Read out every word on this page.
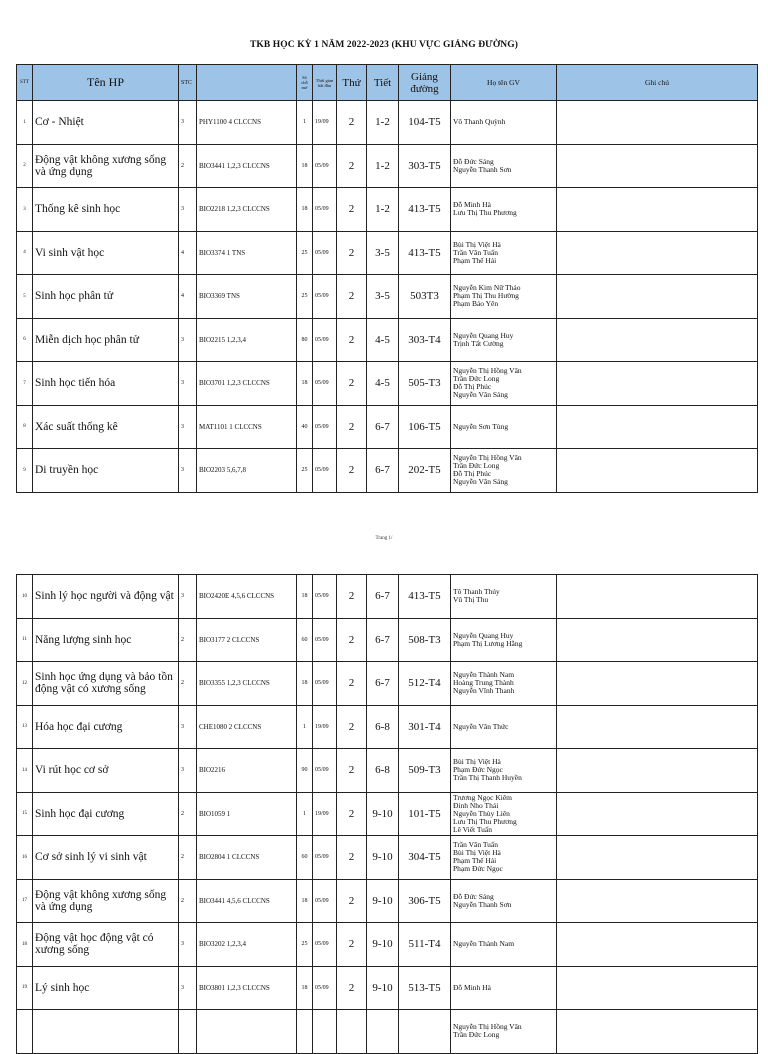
TKB HỌC KỲ 1 NĂM 2022-2023 (KHU VỰC GIẢNG ĐƯỜNG)
STT	Tên HP	STC		Số chỗ mở	Thời gian bắt đầu	Thứ	Tiết	Giảng đường	Họ tên GV	Ghi chú
1	Cơ - Nhiệt	3	PHY1100 4 CLCCNS	1	19/09	2	1-2	104-T5	Võ Thanh Quỳnh	
2	Động vật không xương sống và ứng dụng	2	BIO3441 1,2,3 CLCCNS	18	05/09	2	1-2	303-T5	Đỗ Đức Sáng
Nguyễn Thanh Sơn	
3	Thống kê sinh học	3	BIO2218 1,2,3 CLCCNS	18	05/09	2	1-2	413-T5	Đỗ Minh Hà
Lưu Thị Thu Phương	
4	Vi sinh vật học	4	BIO3374 1 TNS	25	05/09	2	3-5	413-T5	Bùi Thị Việt Hà
Trần Văn Tuấn
Phạm Thế Hải	
5	Sinh học phân tử	4	BIO3369 TNS	25	05/09	2	3-5	503T3	Nguyễn Kim Nữ Thảo
Phạm Thị Thu Hường
Phạm Bảo Yên	
6	Miễn dịch học phân tử	3	BIO2215 1,2,3,4	80	05/09	2	4-5	303-T4	Nguyễn Quang Huy
Trịnh Tất Cường	
7	Sinh học tiến hóa	3	BIO3701 1,2,3 CLCCNS	18	05/09	2	4-5	505-T3	Nguyễn Thị Hồng Vân
Trần Đức Long
Đỗ Thị Phúc
Nguyễn Văn Sáng	
8	Xác suất thống kê	3	MAT1101 1 CLCCNS	40	05/09	2	6-7	106-T5	Nguyễn Sơn Tùng	
9	Di truyền học	3	BIO2203 5,6,7,8	25	05/09	2	6-7	202-T5	Nguyễn Thị Hồng Vân
Trần Đức Long
Đỗ Thị Phúc
Nguyễn Văn Sáng	
Trang 1/
10	Sinh lý học người và động vật	3	BIO2420E 4,5,6 CLCCNS	18	05/09	2	6-7	413-T5	Tô Thanh Thúy
Vũ Thị Thu	
11	Năng lượng sinh học	2	BIO3177 2 CLCCNS	60	05/09	2	6-7	508-T3	Nguyễn Quang Huy
Phạm Thị Lương Hằng	
12	Sinh học ứng dụng và bảo tồn động vật có xương sống	2	BIO3355 1,2,3 CLCCNS	18	05/09	2	6-7	512-T4	Nguyễn Thành Nam
Hoàng Trung Thành
Nguyễn Vĩnh Thanh	
13	Hóa học đại cương	3	CHE1080 2 CLCCNS	1	19/09	2	6-8	301-T4	Nguyễn Văn Thức	
14	Vi rút học cơ sở	3	BIO2216	90	05/09	2	6-8	509-T3	Bùi Thị Việt Hà
Phạm Đức Ngọc
Trần Thị Thanh Huyền	
15	Sinh học đại cương	2	BIO1059 1	1	19/09	2	9-10	101-T5	Trương Ngọc Kiêm
Đinh Nho Thái
Nguyễn Thùy Liên
Lưu Thị Thu Phương
Lê Viết Tuấn	
16	Cơ sở sinh lý vi sinh vật	2	BIO2804 1 CLCCNS	60	05/09	2	9-10	304-T5	Trần Văn Tuấn
Bùi Thị Việt Hà
Phạm Thế Hải
Phạm Đức Ngọc	
17	Động vật không xương sống và ứng dụng	2	BIO3441 4,5,6 CLCCNS	18	05/09	2	9-10	306-T5	Đỗ Đức Sáng
Nguyễn Thanh Sơn	
18	Động vật học động vật có xương sống	3	BIO3202 1,2,3,4	25	05/09	2	9-10	511-T4	Nguyễn Thành Nam	
19	Lý sinh học	3	BIO3801 1,2,3 CLCCNS	18	05/09	2	9-10	513-T5	Đỗ Minh Hà	
									Nguyễn Thị Hồng Vân
Trần Đức Long	
